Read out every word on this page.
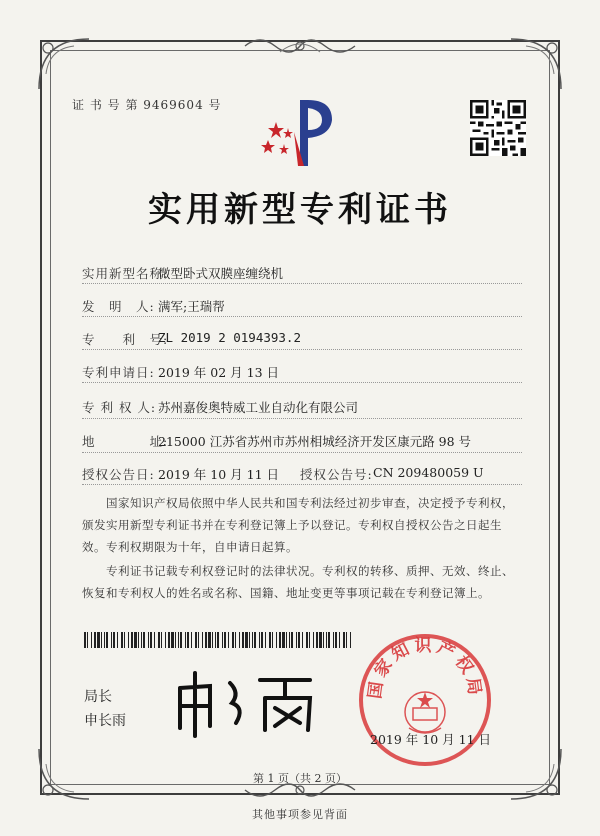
证 书 号 第 9469604 号
实用新型专利证书
实用新型名称:
微型卧式双膜座缠绕机
发　明　人: 满军;王瑞帮
专　　利　号:
ZL 2019 2 0194393.2
专利申请日: 2019 年 02 月 13 日
专 利 权 人: 苏州嘉俊奥特威工业自动化有限公司
地　　　　址:
215000 江苏省苏州市苏州相城经济开发区康元路 98 号
授权公告日: 2019 年 10 月 11 日 授权公告号: CN 209480059 U
国家知识产权局依照中华人民共和国专利法经过初步审查，决定授予专利权，颁发实用新型专利证书并在专利登记簿上予以登记。专利权自授权公告之日起生效。专利权期限为十年，自申请日起算。
专利证书记载专利权登记时的法律状况。专利权的转移、质押、无效、终止、恢复和专利权人的姓名或名称、国籍、地址变更等事项记载在专利登记簿上。
局长
申长雨
国家知识产权局
2019 年 10 月 11 日
第 1 页（共 2 页）
其他事项参见背面
